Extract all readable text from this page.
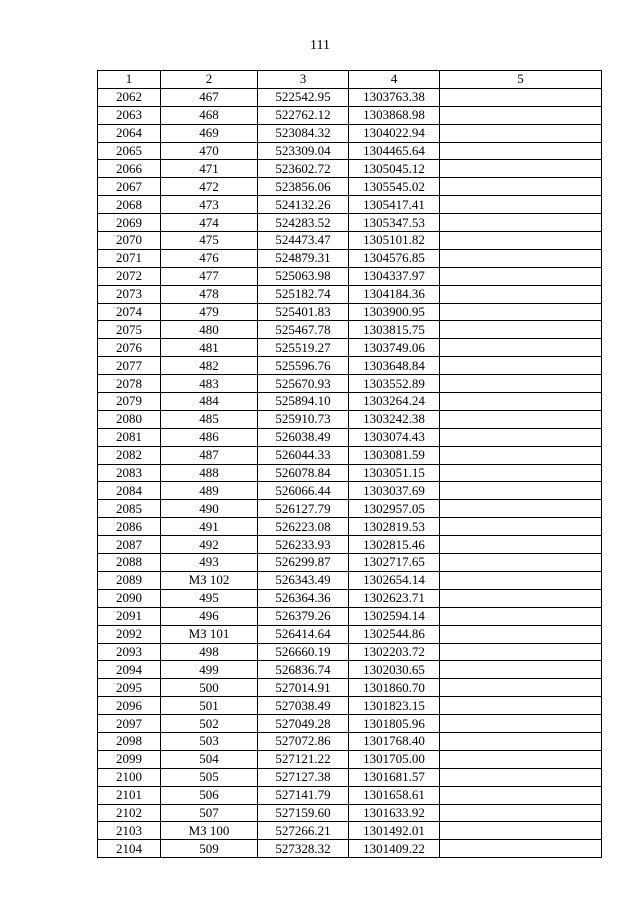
111
1	2	3	4	5
2062	467	522542.95	1303763.38	
2063	468	522762.12	1303868.98	
2064	469	523084.32	1304022.94	
2065	470	523309.04	1304465.64	
2066	471	523602.72	1305045.12	
2067	472	523856.06	1305545.02	
2068	473	524132.26	1305417.41	
2069	474	524283.52	1305347.53	
2070	475	524473.47	1305101.82	
2071	476	524879.31	1304576.85	
2072	477	525063.98	1304337.97	
2073	478	525182.74	1304184.36	
2074	479	525401.83	1303900.95	
2075	480	525467.78	1303815.75	
2076	481	525519.27	1303749.06	
2077	482	525596.76	1303648.84	
2078	483	525670.93	1303552.89	
2079	484	525894.10	1303264.24	
2080	485	525910.73	1303242.38	
2081	486	526038.49	1303074.43	
2082	487	526044.33	1303081.59	
2083	488	526078.84	1303051.15	
2084	489	526066.44	1303037.69	
2085	490	526127.79	1302957.05	
2086	491	526223.08	1302819.53	
2087	492	526233.93	1302815.46	
2088	493	526299.87	1302717.65	
2089	МЗ 102	526343.49	1302654.14	
2090	495	526364.36	1302623.71	
2091	496	526379.26	1302594.14	
2092	МЗ 101	526414.64	1302544.86	
2093	498	526660.19	1302203.72	
2094	499	526836.74	1302030.65	
2095	500	527014.91	1301860.70	
2096	501	527038.49	1301823.15	
2097	502	527049.28	1301805.96	
2098	503	527072.86	1301768.40	
2099	504	527121.22	1301705.00	
2100	505	527127.38	1301681.57	
2101	506	527141.79	1301658.61	
2102	507	527159.60	1301633.92	
2103	МЗ 100	527266.21	1301492.01	
2104	509	527328.32	1301409.22	
